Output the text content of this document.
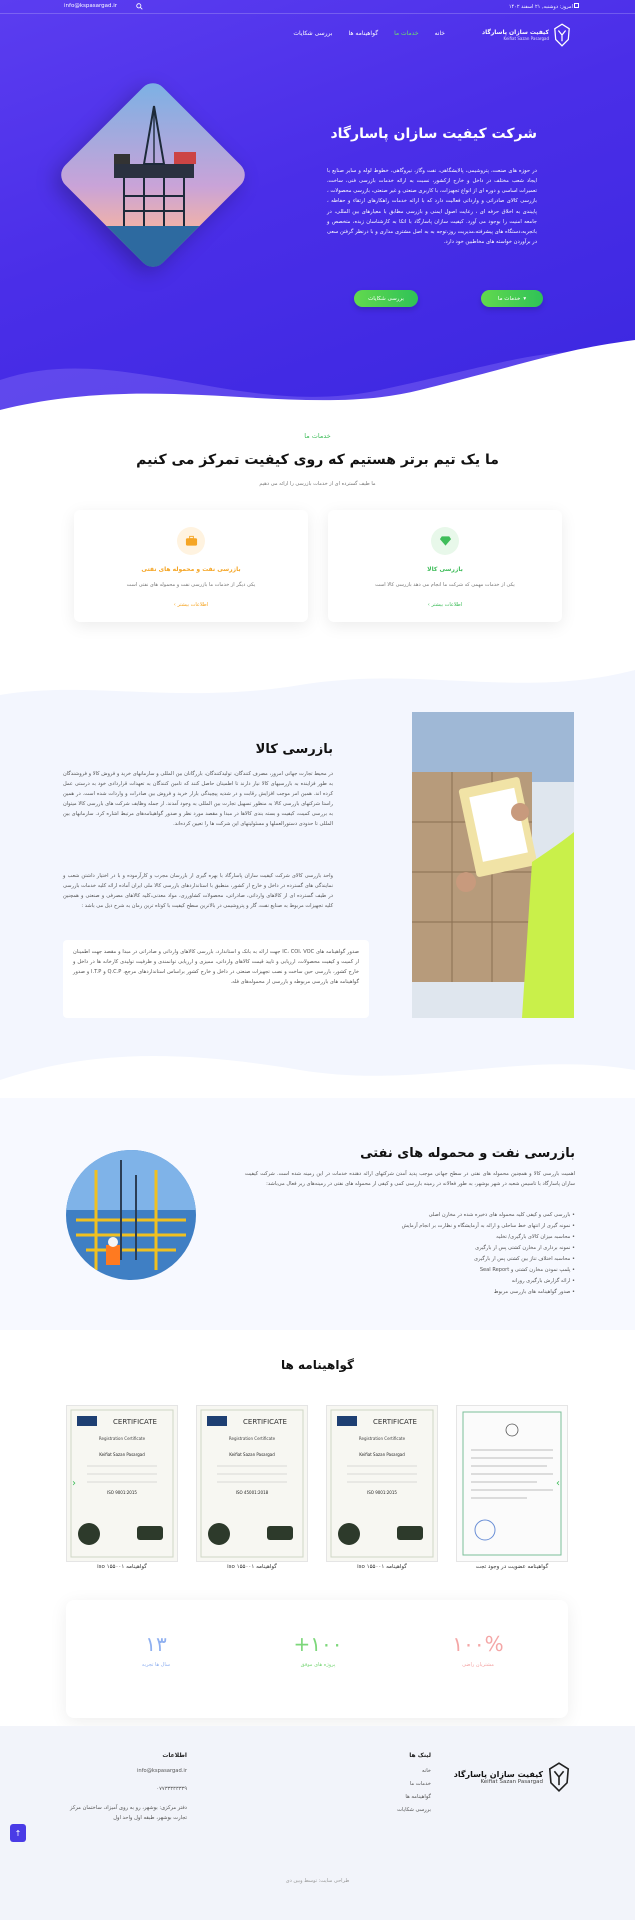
امروز: دوشنبه, ۲۱ اسفند ۱۴۰۲
info@kspasargad.ir
کیفیت سازان پاسارگاد
Keifiat Sazan Pasargad
خانه
خدمات ما
گواهینامه ها
بررسی شکایات
شرکت کیفیت سازان پاسارگاد

در حوزه های صنعت، پتروشیمی، پالایشگاهی، نفت وگاز، نیروگاهی، خطوط لوله و سایر صنایع با ایجاد شعب مختلف در داخل و خارج ازکشور، نسبت به ارائه خدمات بازرسی فنی، ساخت، تعمیرات اساسی و دوره ای از انواع تجهیزات، با کاربری صنعتی و غیر صنعتی، بازرسی محصولات ، بازرسی کالای صادراتی و وارداتی فعالیت دارد که با ارائه خدمات راهکارهای ارتقاء و حفاظه ، پایبندی به اخلاق حرفه ای ، رعایت اصول ایمنی و بازرسی مطابق با معیارهای بین المللی، در جامعه امنیت را بوجود می آورد. کیفیت سازان پاسارگاد با اتکا به کارشناسان زبده، متخصص و باتجربه،دستگاه های پیشرفته،مدیریت روز،توجه به به اصل مشتری مداری و با درنظر گرفتن سعی در برآوردن خواسته های مخاطبین خود دارد.

▾
خدمات ما
بررسی شکایات
خدمات ما
ما یک تیم برتر هستیم که روی کیفیت تمرکز می کنیم
ما طیف گسترده ای از خدمات بازرسی را ارائه می دهیم
بازرسی کالا
یکی از خدمات مهمی که شرکت ما انجام می دهد بازرسی کالا است
اطلاعات بیشتر ›
بازرسی نفت و محموله های نفتی
یکی دیگر از خدمات ما بازرسی نفت و محموله های نفتی است
اطلاعات بیشتر ›
بازرسی کالا

در محیط تجارت جهانی امروز، مصرف کنندگان، تولیدکنندگان، بازرگانان بین المللی و سازمانهای خرید و فروش کالا و فروشندگان به طور فزاینده به بازرسیهای کالا نیاز دارند تا اطمینان حاصل کنند که تامین کنندگان به تعهدات قراردادی خود به درستی عمل کرده اند. همین امر موجب افزایش رقابت و در شدیه پیچیدگی بازار خرید و فروش بین صادرات و واردات شده است. در همین راستا شرکتهای بازرسی کالا به منظور تسهیل تجارت بین المللی به وجود آمدند. از جمله وظایف شرکت های بازرسی کالا میتوان به بررسی کمیت، کیفیت و بسته بندی کالاها در مبدا و مقصد مورد نظر و صدور گواهینامه‌های مرتبط اشاره کرد. سازمانهای بین المللی تا حدودی دستورالعملها و مسئولیتهای این شرکت ها را تعیین کرده‌اند.

واحد بازرسی کالای شرکت کیفیت سازان پاسارگاد با بهره گیری از بازرسان مجرب و کارآزموده و با در اختیار داشتن شعب و نمایندگی های گسترده در داخل و خارج از کشور، منطبق با استانداردهای بازرسی کالا ملی ایران آماده ارائه کلیه خدمات بازرسی در طیف گسترده ای از کالاهای وارداتی، صادراتی، محصولات کشاورزی، مواد معدنی،کلیه کالاهای مصرفی و صنعتی و همچنین کلیه تجهیزات مربوط به صنایع نفت، گاز و پتروشیمی در بالاترین سطح کیفیت با کوتاه ترین زمان به شرح ذیل می باشد :

صدور گواهینامه های IC، COI، VOC جهت ارائه به بانک و استاندارد، بازرسی کالاهای وارداتی و صادراتی در مبدا و مقصد جهت اطمینان از کمیت و کیفیت محصولات، ارزیابی و تایید قیمت کالاهای وارداتی، ممیزی و ارزیابی توانمندی و ظرفیت تولیدی کارخانه ها در داخل و خارج کشور، بازرسی حین ساخت و نصب تجهیزات صنعتی در داخل و خارج کشور براساس استانداردهای مرجع، Q.C.P و I.T.P و صدور گواهینامه های بازرسی مربوطه و بازرسی از محموله‌های فله.
بازرسی نفت و محموله های نفتی

اهمیت بازرسی کالا و همچنین محموله های نفتی در سطح جهانی موجب پدید آمدن شرکتهای ارائه دهنده خدمات در این زمینه شده است. شرکت کیفیت سازان پاسارگاد با تاسیس شعبه در شهر بوشهر، به طور فعالانه در زمینه بازرسی کمی و کیفی از محموله های نفتی در زمینه‌های زیر فعال می‌باشد:

• بازرسی کمی و کیفی کلیه محموله های ذخیره شده در مخازن اصلی
• نمونه گیری از انتهای خط ساحلی و ارائه به آزمایشگاه و نظارت بر انجام آزمایش
• محاسبه میزان کالای بارگیری/ تخلیه
• نمونه برداری از مخازن کشتی پس از بارگیری
• محاسبه اختلاف تناژ بین کشتی پس از بارگیری
• پلمپ نمودن مخازن کشتی و Seal Report
• ارائه گزارش بارگیری روزانه
• صدور گواهینامه های بازرسی مربوط
گواهینامه ها
CERTIFICATE
Registration Certificate
Keifiat Sazan Pasargad
ISO 9001:2015
CERTIFICATE
Registration Certificate
Keifiat Sazan Pasargad
ISO 45001:2018
CERTIFICATE
Registration Certificate
Keifiat Sazan Pasargad
ISO 9001:2015
‹	›
گواهینامه عضویت در وجود تجت
گواهینامه iso ۱۵۵۰۰۱
گواهینامه iso ۱۵۵۰۰۱
گواهینامه iso ۱۵۵۰۰۱
۱۰۰%
مشتریان راضی
۱۰۰+
پروژه های موفق
۱۳
سال ها تجربه
کیفیت سازان پاسارگاد
Keifiat Sazan Pasargad
لینک ها
خانه
خدمات ما
گواهینامه ها
بررسی شکایات
اطلاعات
info@kspasargad.ir
۰۷۷۳۳۳۳۳۳۳۹
دفتر مرکزی: بوشهر، رو به روی آمیزاد، ساختمان مرکز تجارت بوشهر، طبقه اول واحد اول
↑
طراحی سایت: توسط وبین دی
